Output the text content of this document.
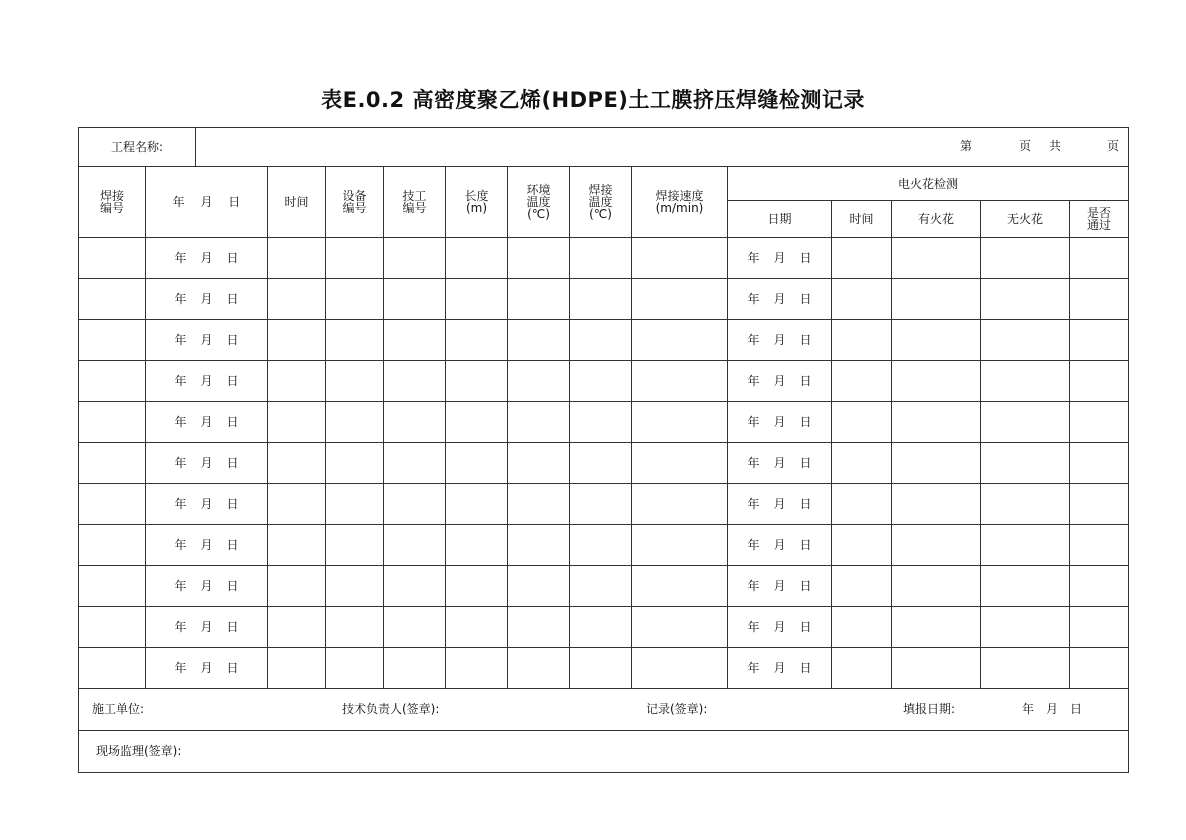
表E.0.2 高密度聚乙烯(HDPE)土工膜挤压焊缝检测记录
工程名称: 第 页 共 页													

焊接编号	年 月 日	时间	设备编号	技工编号	长度(m)	环境温度(℃)	焊接温度(℃)	焊接速度(m/min)	电火花检测				
									日期	时间	有火花	无火花	是否通过

	年 月 日								年 月 日				
	年 月 日								年 月 日				
	年 月 日								年 月 日				
	年 月 日								年 月 日				
	年 月 日								年 月 日				
	年 月 日								年 月 日				
	年 月 日								年 月 日				
	年 月 日								年 月 日				
	年 月 日								年 月 日				
	年 月 日								年 月 日				
	年 月 日								年 月 日				

施工单位: 技术负责人(签章): 记录(签章): 填报日期: 年　月　日													

现场监理(签章):													
